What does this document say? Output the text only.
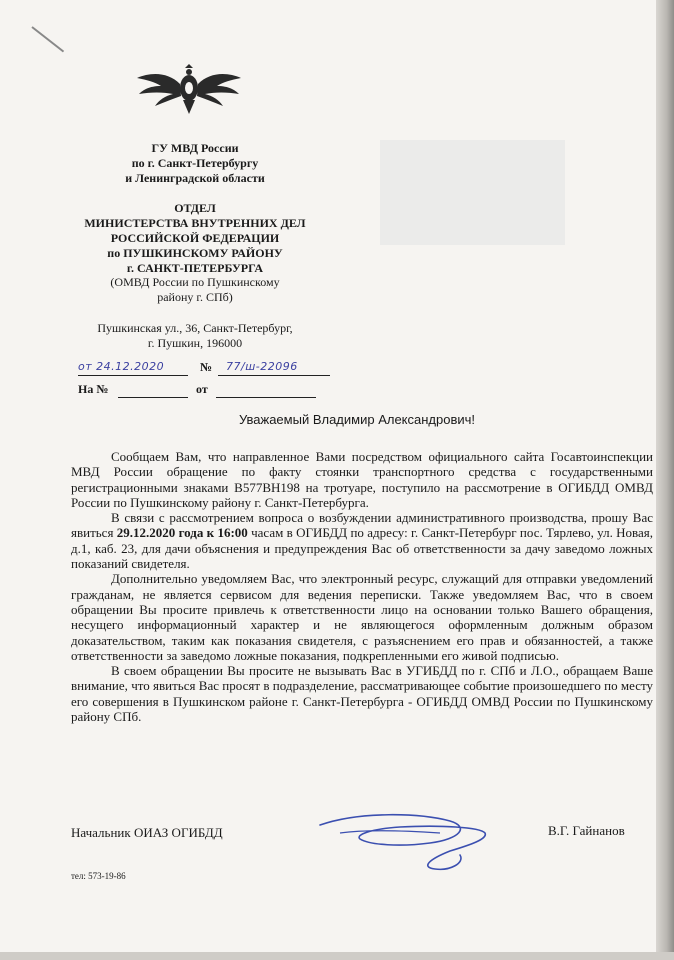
ГУ МВД России
по г. Санкт-Петербургу
и Ленинградской области
ОТДЕЛ
МИНИСТЕРСТВА ВНУТРЕННИХ ДЕЛ
РОССИЙСКОЙ ФЕДЕРАЦИИ
по ПУШКИНСКОМУ РАЙОНУ
г. САНКТ-ПЕТЕРБУРГА
(ОМВД России по Пушкинскому
району г. СПб)
Пушкинская ул., 36, Санкт-Петербург,
г. Пушкин, 196000
от 24.12.2020	№ 77/ш-22096
На №	от
Уважаемый Владимир Александрович!

Сообщаем Вам, что направленное Вами посредством официального сайта Госавтоинспекции МВД России обращение по факту стоянки транспортного средства с государственными регистрационными знаками В577ВН198 на тротуаре, поступило на рассмотрение в ОГИБДД ОМВД России по Пушкинскому району г. Санкт-Петербурга.

В связи с рассмотрением вопроса о возбуждении административного производства, прошу Вас явиться 29.12.2020 года к 16:00 часам в ОГИБДД по адресу: г. Санкт-Петербург пос. Тярлево, ул. Новая, д.1, каб. 23, для дачи объяснения и предупреждения Вас об ответственности за дачу заведомо ложных показаний свидетеля.

Дополнительно уведомляем Вас, что электронный ресурс, служащий для отправки уведомлений гражданам, не является сервисом для ведения переписки. Также уведомляем Вас, что в своем обращении Вы просите привлечь к ответственности лицо на основании только Вашего обращения, несущего информационный характер и не являющегося оформленным должным образом доказательством, таким как показания свидетеля, с разъяснением его прав и обязанностей, а также ответственности за заведомо ложные показания, подкрепленными его живой подписью.

В своем обращении Вы просите не вызывать Вас в УГИБДД по г. СПб и Л.О., обращаем Ваше внимание, что явиться Вас просят в подразделение, рассматривающее событие произошедшего по месту его совершения в Пушкинском районе г. Санкт-Петербурга - ОГИБДД ОМВД России по Пушкинскому району СПб.

Начальник ОИАЗ ОГИБДД	В.Г. Гайнанов
тел: 573-19-86
